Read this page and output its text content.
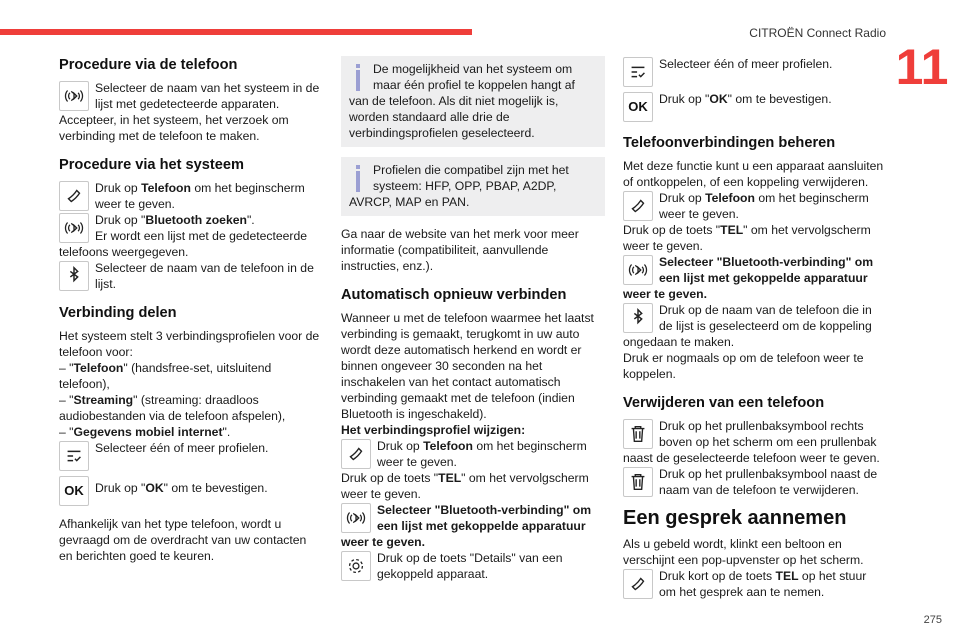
CITROËN Connect Radio
11
275
Procedure via de telefoon

Selecteer de naam van het systeem in de lijst met gedetecteerde apparaten.

Accepteer, in het systeem, het verzoek om verbinding met de telefoon te maken.

Procedure via het systeem

Druk op Telefoon om het beginscherm weer te geven.

Druk op "Bluetooth zoeken".

Er wordt een lijst met de gedetecteerde telefoons weergegeven.

Selecteer de naam van de telefoon in de lijst.

Verbinding delen

Het systeem stelt 3 verbindingsprofielen voor de telefoon voor:

– "Telefoon" (handsfree-set, uitsluitend telefoon),

– "Streaming" (streaming: draadloos audiobestanden via de telefoon afspelen),

– "Gegevens mobiel internet".

Selecteer één of meer profielen.

OK Druk op "OK" om te bevestigen.

Afhankelijk van het type telefoon, wordt u gevraagd om de overdracht van uw contacten en berichten goed te keuren.

De mogelijkheid van het systeem om maar één profiel te koppelen hangt af van de telefoon. Als dit niet mogelijk is, worden standaard alle drie de verbindingsprofielen geselecteerd.

Profielen die compatibel zijn met het systeem: HFP, OPP, PBAP, A2DP, AVRCP, MAP en PAN.

Ga naar de website van het merk voor meer informatie (compatibiliteit, aanvullende instructies, enz.).

Automatisch opnieuw verbinden

Wanneer u met de telefoon waarmee het laatst verbinding is gemaakt, terugkomt in uw auto wordt deze automatisch herkend en wordt er binnen ongeveer 30 seconden na het inschakelen van het contact automatisch verbinding gemaakt met de telefoon (indien Bluetooth is ingeschakeld).

Het verbindingsprofiel wijzigen:

Druk op Telefoon om het beginscherm weer te geven.

Druk op de toets "TEL" om het vervolgscherm weer te geven.

Selecteer "Bluetooth-verbinding" om een lijst met gekoppelde apparatuur weer te geven.

Druk op de toets "Details" van een gekoppeld apparaat.

Selecteer één of meer profielen.

OK Druk op "OK" om te bevestigen.

Telefoonverbindingen beheren

Met deze functie kunt u een apparaat aansluiten of ontkoppelen, of een koppeling verwijderen.

Druk op Telefoon om het beginscherm weer te geven.

Druk op de toets "TEL" om het vervolgscherm weer te geven.

Selecteer "Bluetooth-verbinding" om een lijst met gekoppelde apparatuur weer te geven.

Druk op de naam van de telefoon die in de lijst is geselecteerd om de koppeling ongedaan te maken.

Druk er nogmaals op om de telefoon weer te koppelen.

Verwijderen van een telefoon

Druk op het prullenbaksymbool rechts boven op het scherm om een prullenbak naast de geselecteerde telefoon weer te geven.

Druk op het prullenbaksymbool naast de naam van de telefoon te verwijderen.

Een gesprek aannemen

Als u gebeld wordt, klinkt een beltoon en verschijnt een pop-upvenster op het scherm.

Druk kort op de toets TEL op het stuur om het gesprek aan te nemen.
